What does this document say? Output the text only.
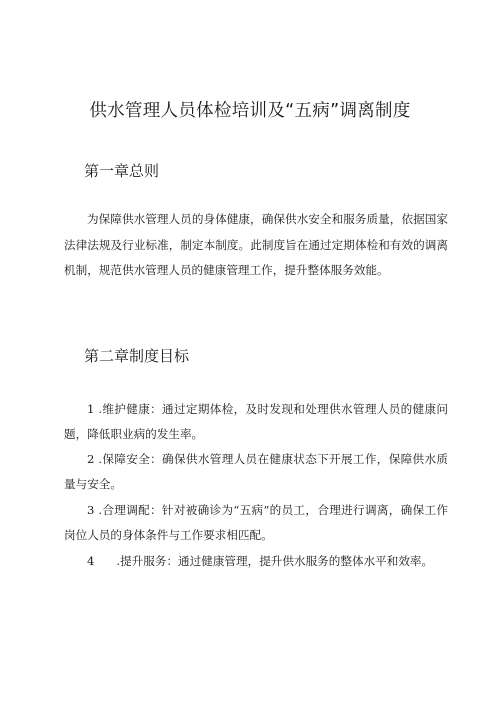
供水管理人员体检培训及“五病”调离制度
第一章总则
为保障供水管理人员的身体健康，确保供水安全和服务质量，依据国家法律法规及行业标准，制定本制度。此制度旨在通过定期体检和有效的调离机制，规范供水管理人员的健康管理工作，提升整体服务效能。
第二章制度目标
1 .维护健康：通过定期体检，及时发现和处理供水管理人员的健康问题，降低职业病的发生率。
2 .保障安全：确保供水管理人员在健康状态下开展工作，保障供水质量与安全。
3 .合理调配：针对被确诊为“五病”的员工，合理进行调离，确保工作岗位人员的身体条件与工作要求相匹配。
4 .提升服务：通过健康管理，提升供水服务的整体水平和效率。
